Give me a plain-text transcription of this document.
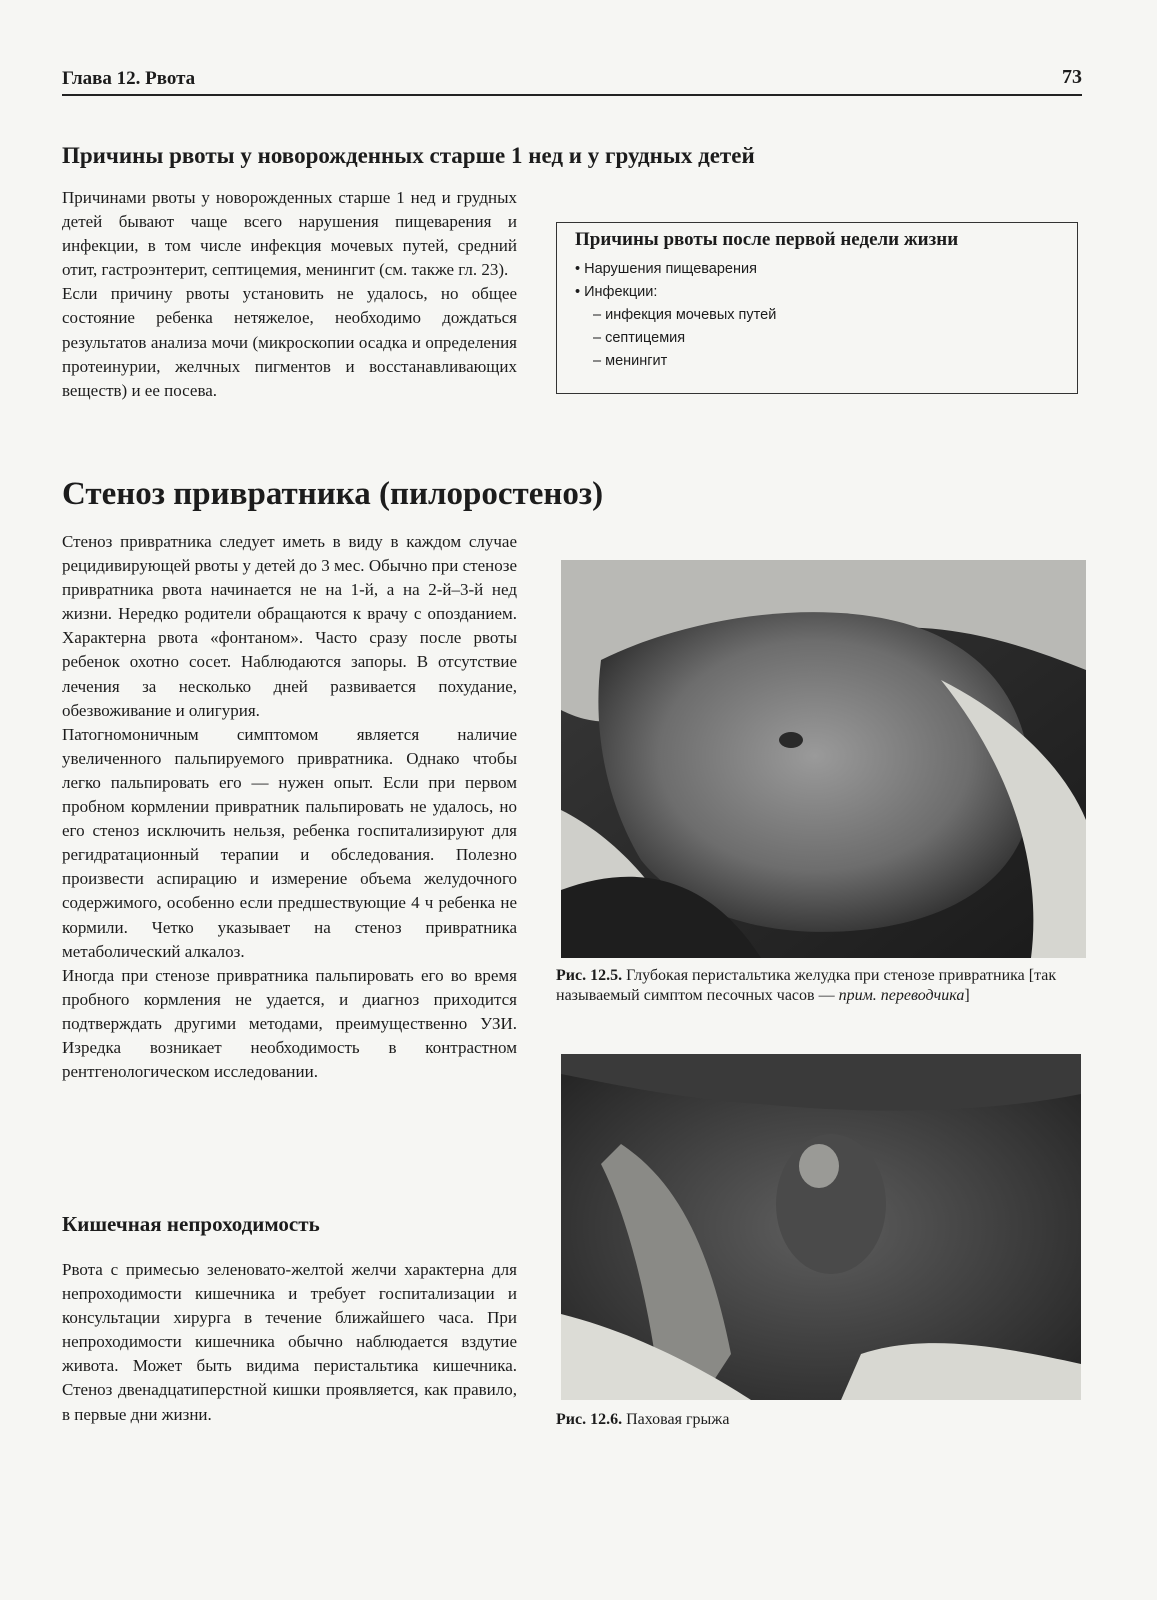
Глава 12. Рвота	73
Причины рвоты у новорожденных старше 1 нед и у грудных детей

Причинами рвоты у новорожденных старше 1 нед и грудных детей бывают чаще всего нарушения пищеварения и инфекции, в том числе инфекция мочевых путей, средний отит, гастроэнтерит, септицемия, менингит (см. также гл. 23).

Если причину рвоты установить не удалось, но общее состояние ребенка нетяжелое, необходимо дождаться результатов анализа мочи (микроскопии осадка и определения протеинурии, желчных пигментов и восстанавливающих веществ) и ее посева.

Причины рвоты после первой недели жизни
• Нарушения пищеварения
• Инфекции:
– инфекция мочевых путей
– септицемия
– менингит
Стеноз привратника (пилоростеноз)

Стеноз привратника следует иметь в виду в каждом случае рецидивирующей рвоты у детей до 3 мес. Обычно при стенозе привратника рвота начинается не на 1-й, а на 2-й–3-й нед жизни. Нередко родители обращаются к врачу с опозданием. Характерна рвота «фонтаном». Часто сразу после рвоты ребенок охотно сосет. Наблюдаются запоры. В отсутствие лечения за несколько дней развивается похудание, обезвоживание и олигурия.

Патогномоничным симптомом является наличие увеличенного пальпируемого привратника. Однако чтобы легко пальпировать его — нужен опыт. Если при первом пробном кормлении привратник пальпировать не удалось, но его стеноз исключить нельзя, ребенка госпитализируют для регидратационный терапии и обследования. Полезно произвести аспирацию и измерение объема желудочного содержимого, особенно если предшествующие 4 ч ребенка не кормили. Четко указывает на стеноз привратника метаболический алкалоз.

Иногда при стенозе привратника пальпировать его во время пробного кормления не удается, и диагноз приходится подтверждать другими методами, преимущественно УЗИ. Изредка возникает необходимость в контрастном рентгенологическом исследовании.

Кишечная непроходимость

Рвота с примесью зеленовато-желтой желчи характерна для непроходимости кишечника и требует госпитализации и консультации хирурга в течение ближайшего часа. При непроходимости кишечника обычно наблюдается вздутие живота. Может быть видима перистальтика кишечника. Стеноз двенадцатиперстной кишки проявляется, как правило, в первые дни жизни.

Рис. 12.5. Глубокая перистальтика желудка при стенозе привратника [так называемый симптом песочных часов — прим. переводчика]
Рис. 12.6. Паховая грыжа
